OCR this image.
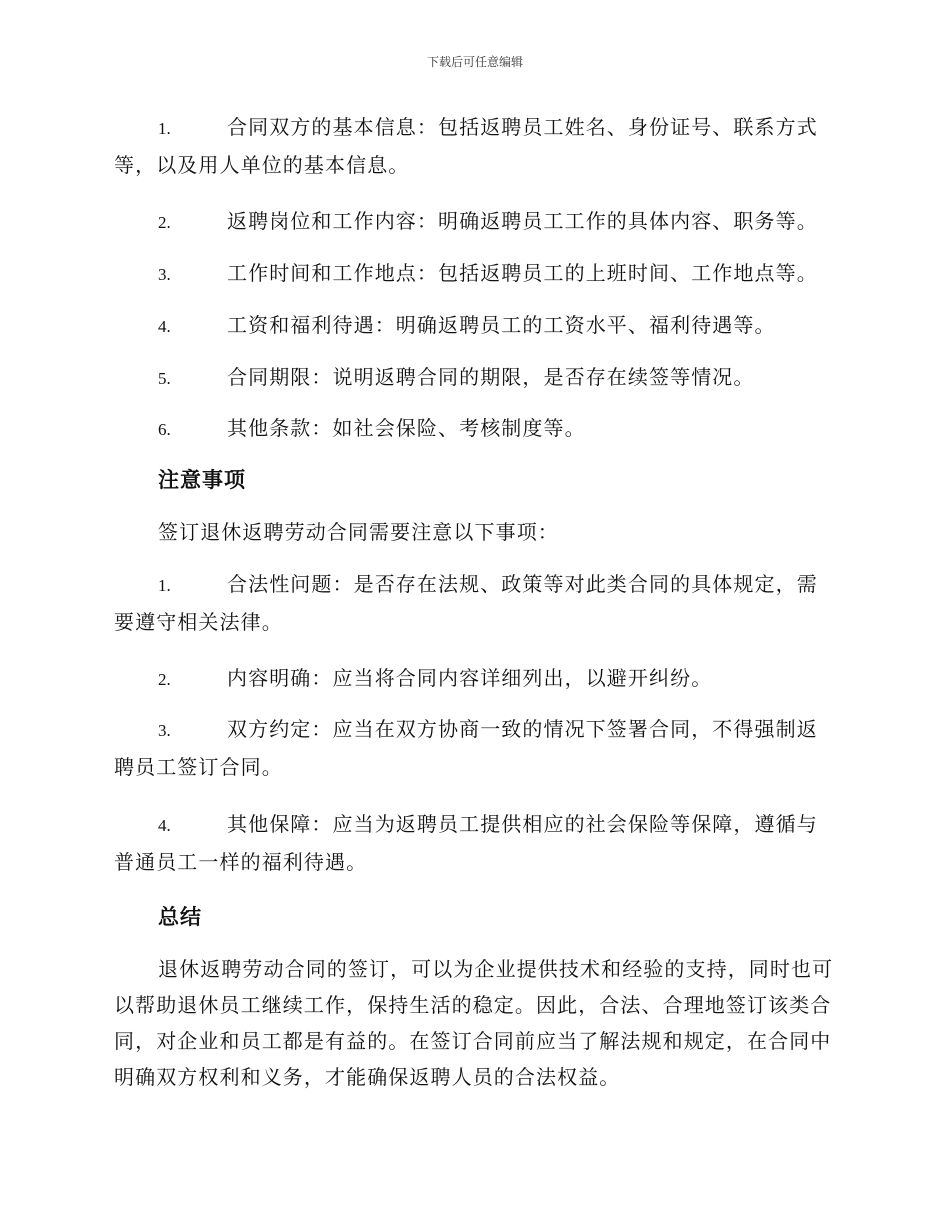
下载后可任意编辑
1.	合同双方的基本信息：包括返聘员工姓名、身份证号、联系方式等，以及用人单位的基本信息。
2.	返聘岗位和工作内容：明确返聘员工工作的具体内容、职务等。
3.	工作时间和工作地点：包括返聘员工的上班时间、工作地点等。
4.	工资和福利待遇：明确返聘员工的工资水平、福利待遇等。
5.	合同期限：说明返聘合同的期限，是否存在续签等情况。
6.	其他条款：如社会保险、考核制度等。
注意事项
签订退休返聘劳动合同需要注意以下事项：
1.	合法性问题：是否存在法规、政策等对此类合同的具体规定，需要遵守相关法律。
2.	内容明确：应当将合同内容详细列出，以避开纠纷。
3.	双方约定：应当在双方协商一致的情况下签署合同，不得强制返聘员工签订合同。
4.	其他保障：应当为返聘员工提供相应的社会保险等保障，遵循与普通员工一样的福利待遇。
总结
退休返聘劳动合同的签订，可以为企业提供技术和经验的支持，同时也可以帮助退休员工继续工作，保持生活的稳定。因此，合法、合理地签订该类合同，对企业和员工都是有益的。在签订合同前应当了解法规和规定，在合同中明确双方权利和义务，才能确保返聘人员的合法权益。
